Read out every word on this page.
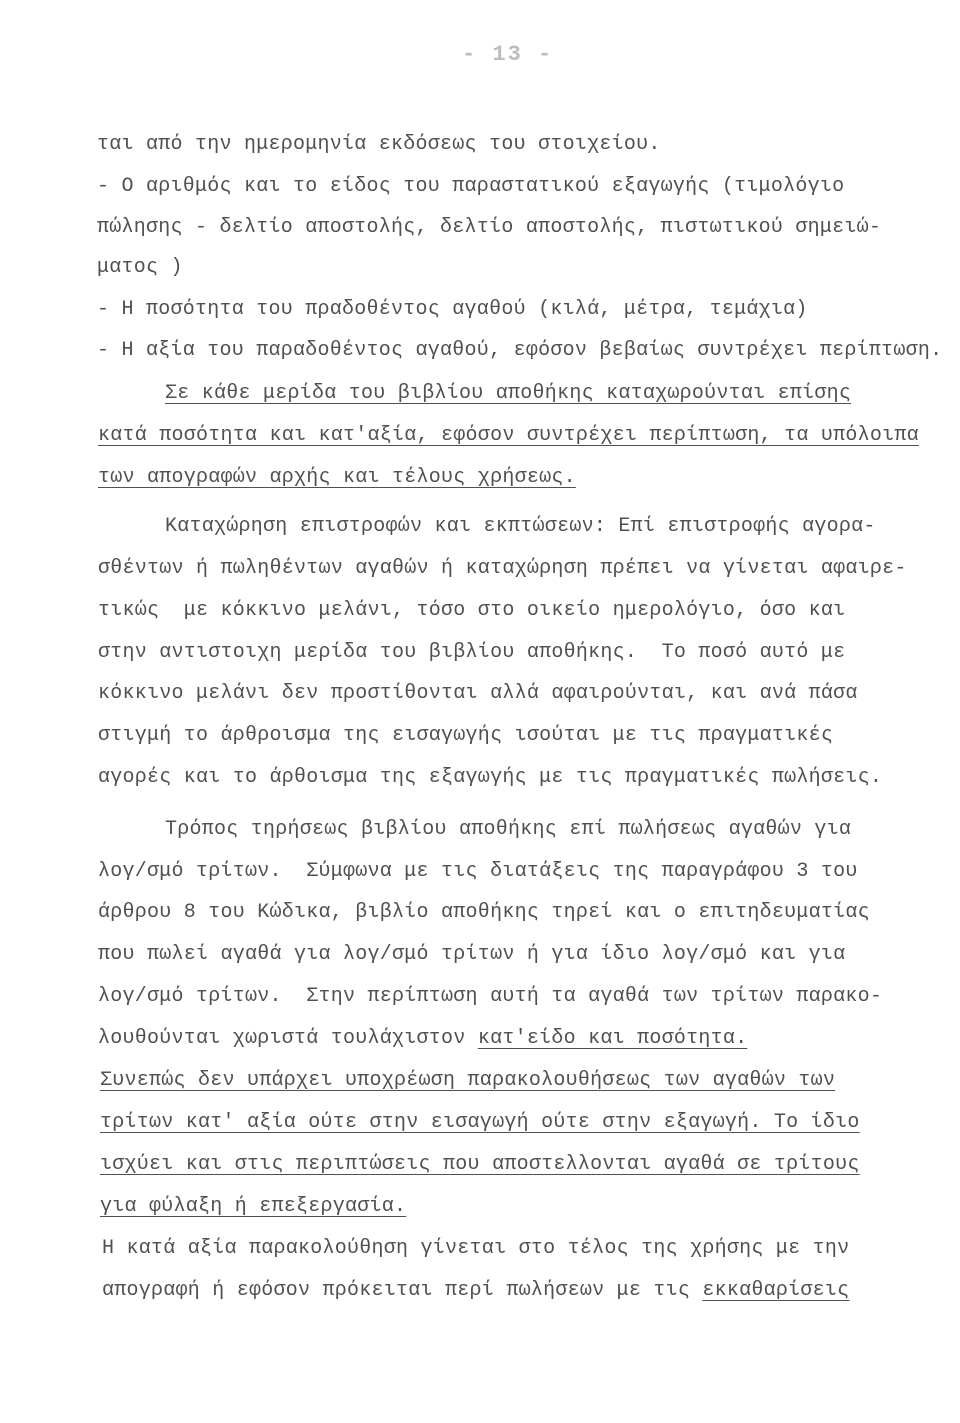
- 13 -
ται από την ημερομηνία εκδόσεως του στοιχείου.
- Ο αριθμός και το είδος του παραστατικού εξαγωγής (τιμολόγιο
πώλησης - δελτίο αποστολής, δελτίο αποστολής, πιστωτικού σημειώ-
ματος )
- Η ποσότητα του πραδοθέντος αγαθού (κιλά, μέτρα, τεμάχια)
- Η αξία του παραδοθέντος αγαθού, εφόσον βεβαίως συντρέχει περίπτωση.
Σε κάθε μερίδα του βιβλίου αποθήκης καταχωρούνται επίσης
κατά ποσότητα και κατ'αξία, εφόσον συντρέχει περίπτωση, τα υπόλοιπα
των απογραφών αρχής και τέλους χρήσεως.
Καταχώρηση επιστροφών και εκπτώσεων: Επί επιστροφής αγορα-
σθέντων ή πωληθέντων αγαθών ή καταχώρηση πρέπει να γίνεται αφαιρε-
τικώς  με κόκκινο μελάνι, τόσο στο οικείο ημερολόγιο, όσο και
στην αντιστοιχη μερίδα του βιβλίου αποθήκης.  Το ποσό αυτό με
κόκκινο μελάνι δεν προστίθονται αλλά αφαιρούνται, και ανά πάσα
στιγμή το άρθροισμα της εισαγωγής ισούται με τις πραγματικές
αγορές και το άρθοισμα της εξαγωγής με τις πραγματικές πωλήσεις.
Τρόπος τηρήσεως βιβλίου αποθήκης επί πωλήσεως αγαθών για
λογ/σμό τρίτων.  Σύμφωνα με τις διατάξεις της παραγράφου 3 του
άρθρου 8 του Κώδικα, βιβλίο αποθήκης τηρεί και ο επιτηδευματίας
που πωλεί αγαθά για λογ/σμό τρίτων ή για ίδιο λογ/σμό και για
λογ/σμό τρίτων.  Στην περίπτωση αυτή τα αγαθά των τρίτων παρακο-
λουθούνται χωριστά τουλάχιστον κατ'είδο και ποσότητα.
Συνεπώς δεν υπάρχει υποχρέωση παρακολουθήσεως των αγαθών των
τρίτων κατ' αξία ούτε στην εισαγωγή ούτε στην εξαγωγή. Το ίδιο
ισχύει και στις περιπτώσεις που αποστελλονται αγαθά σε τρίτους
για φύλαξη ή επεξεργασία.
Η κατά αξία παρακολούθηση γίνεται στο τέλος της χρήσης με την
απογραφή ή εφόσον πρόκειται περί πωλήσεων με τις εκκαθαρίσεις
